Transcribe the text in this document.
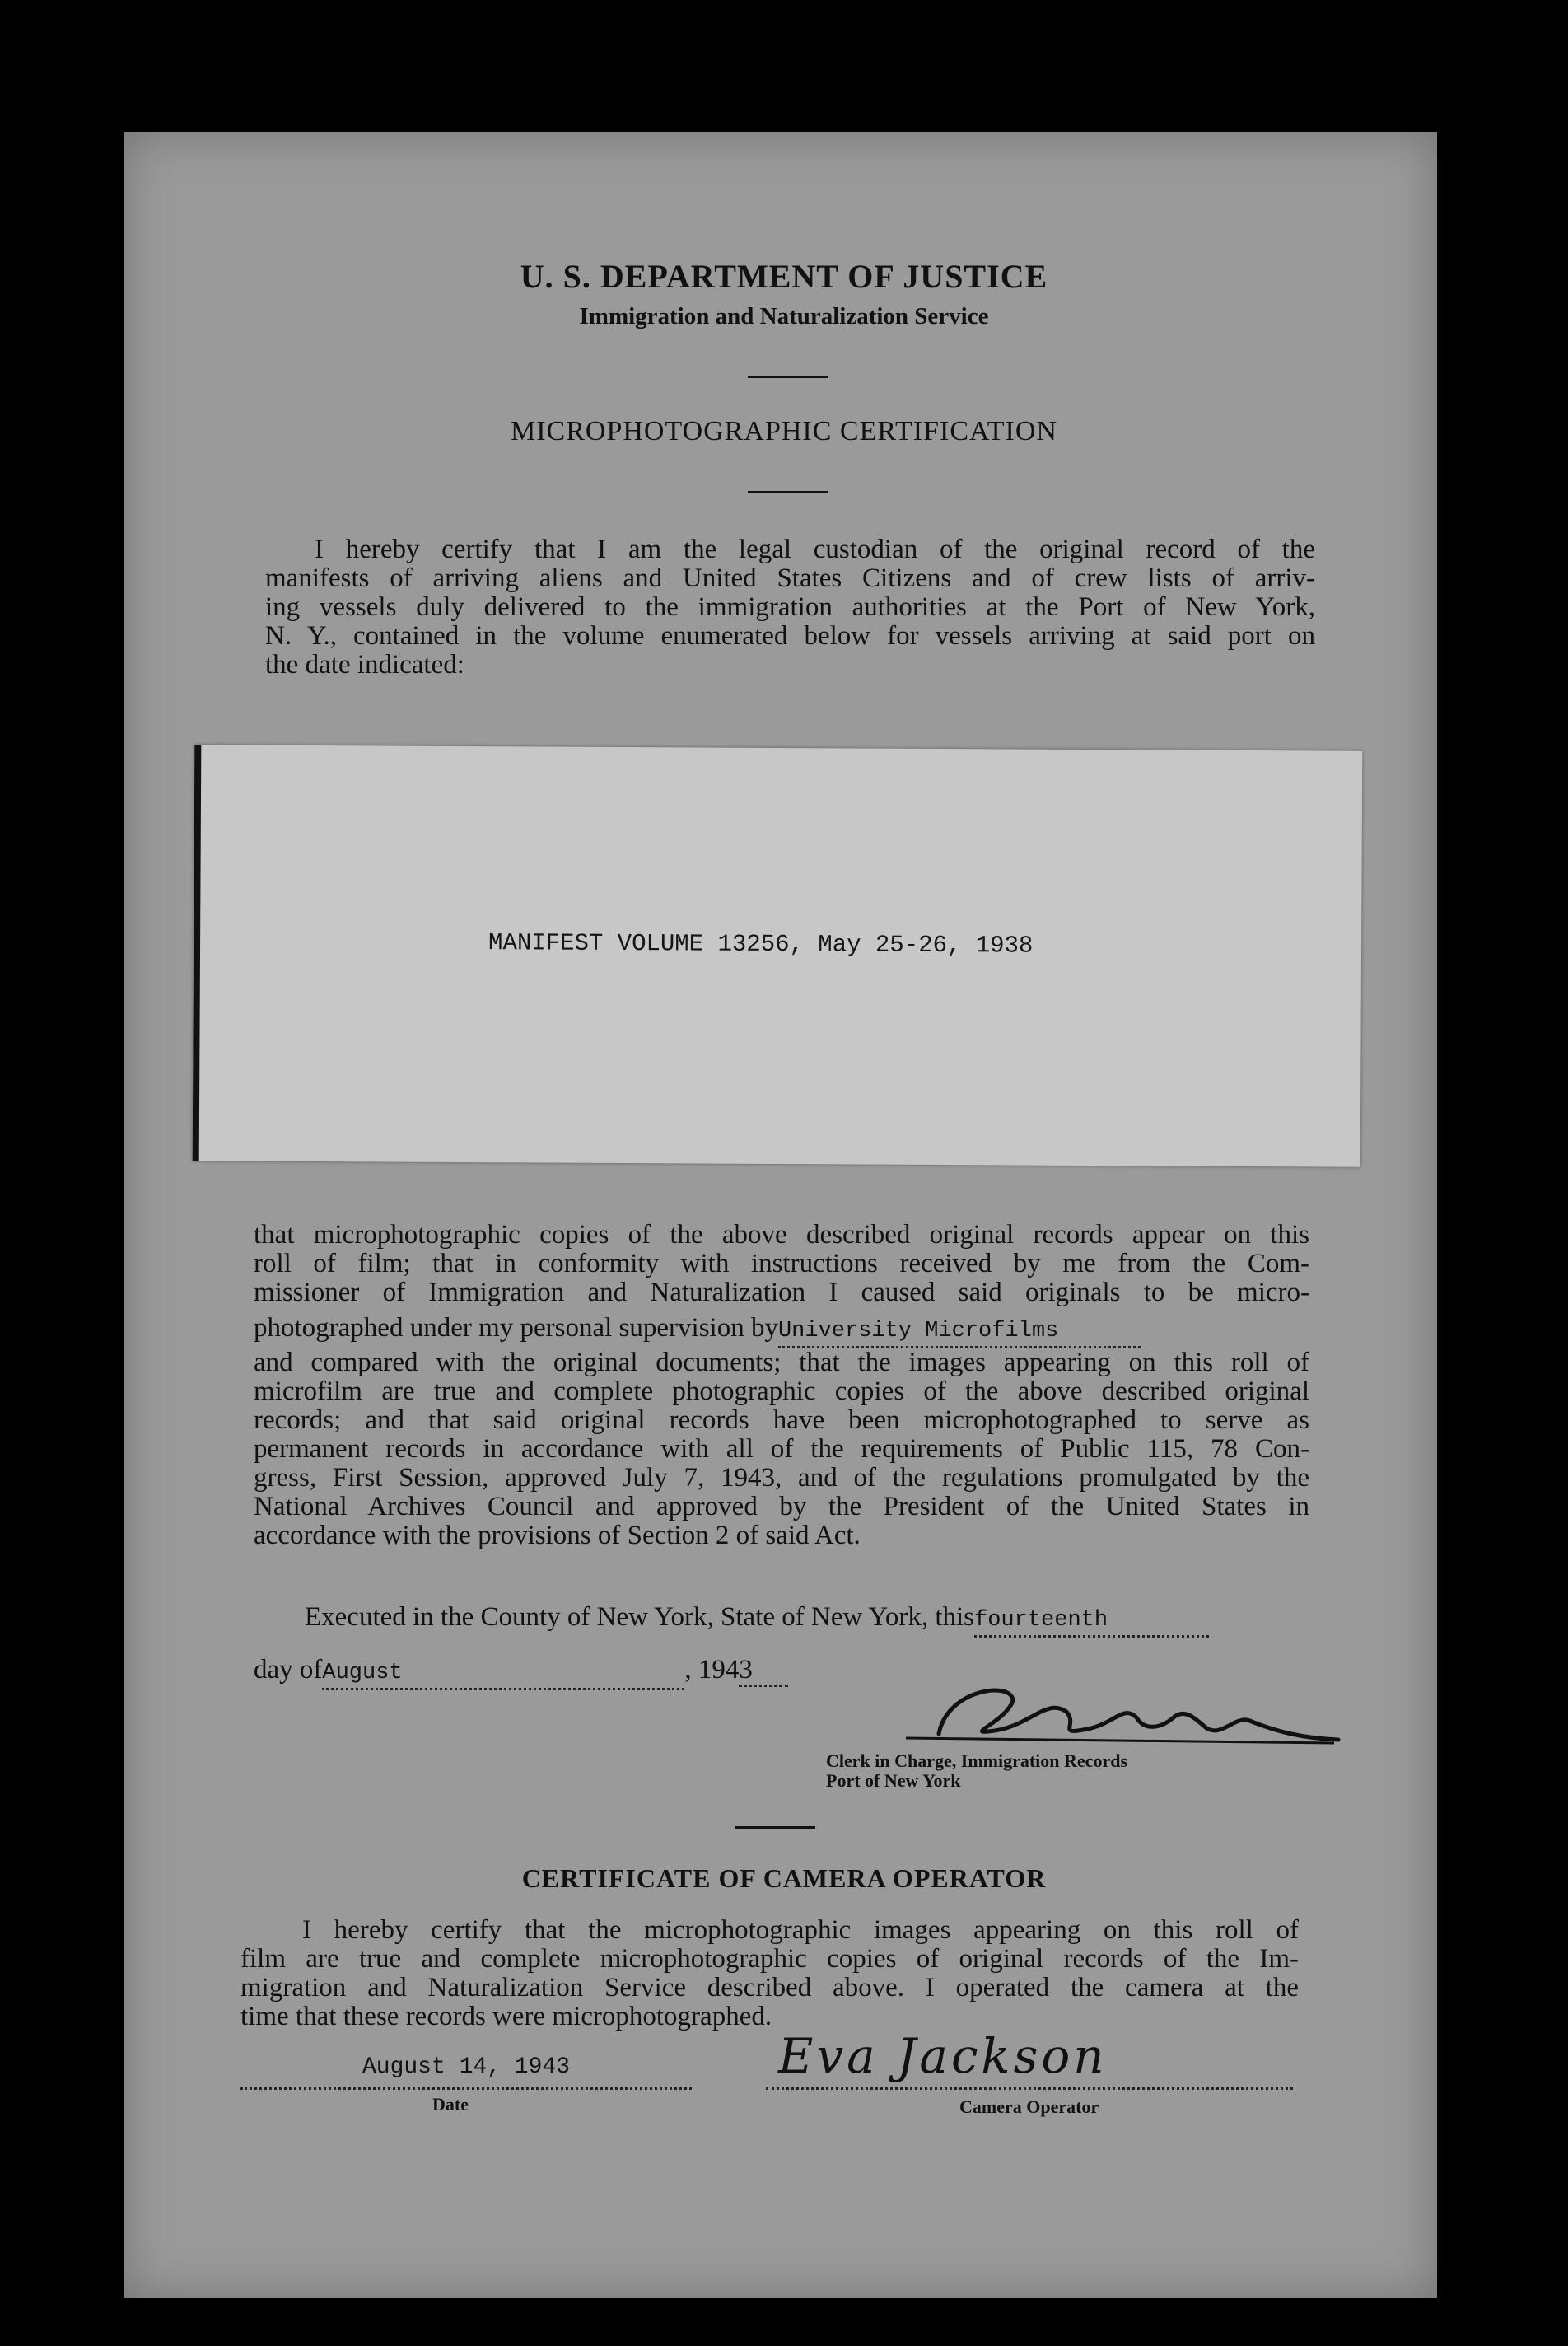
U. S. DEPARTMENT OF JUSTICE
Immigration and Naturalization Service
MICROPHOTOGRAPHIC CERTIFICATION
I hereby certify that I am the legal custodian of the original record of the
manifests of arriving aliens and United States Citizens and of crew lists of arriv-
ing vessels duly delivered to the immigration authorities at the Port of New York,
N. Y., contained in the volume enumerated below for vessels arriving at said port on
the date indicated:
MANIFEST VOLUME 13256, May 25-26, 1938
that microphotographic copies of the above described original records appear on this
roll of film; that in conformity with instructions received by me from the Com-
missioner of Immigration and Naturalization I caused said originals to be micro-
photographed under my personal supervision byUniversity Microfilms
and compared with the original documents; that the images appearing on this roll of
microfilm are true and complete photographic copies of the above described original
records; and that said original records have been microphotographed to serve as
permanent records in accordance with all of the requirements of Public 115, 78 Con-
gress, First Session, approved July 7, 1943, and of the regulations promulgated by the
National Archives Council and approved by the President of the United States in
accordance with the provisions of Section 2 of said Act.
Executed in the County of New York, State of New York, thisfourteenth
day ofAugust	, 1943
Clerk in Charge, Immigration Records
Port of New York
CERTIFICATE OF CAMERA OPERATOR
I hereby certify that the microphotographic images appearing on this roll of
film are true and complete microphotographic copies of original records of the Im-
migration and Naturalization Service described above. I operated the camera at the
time that these records were microphotographed.
August 14, 1943
Date
Eva Jackson
Camera Operator
